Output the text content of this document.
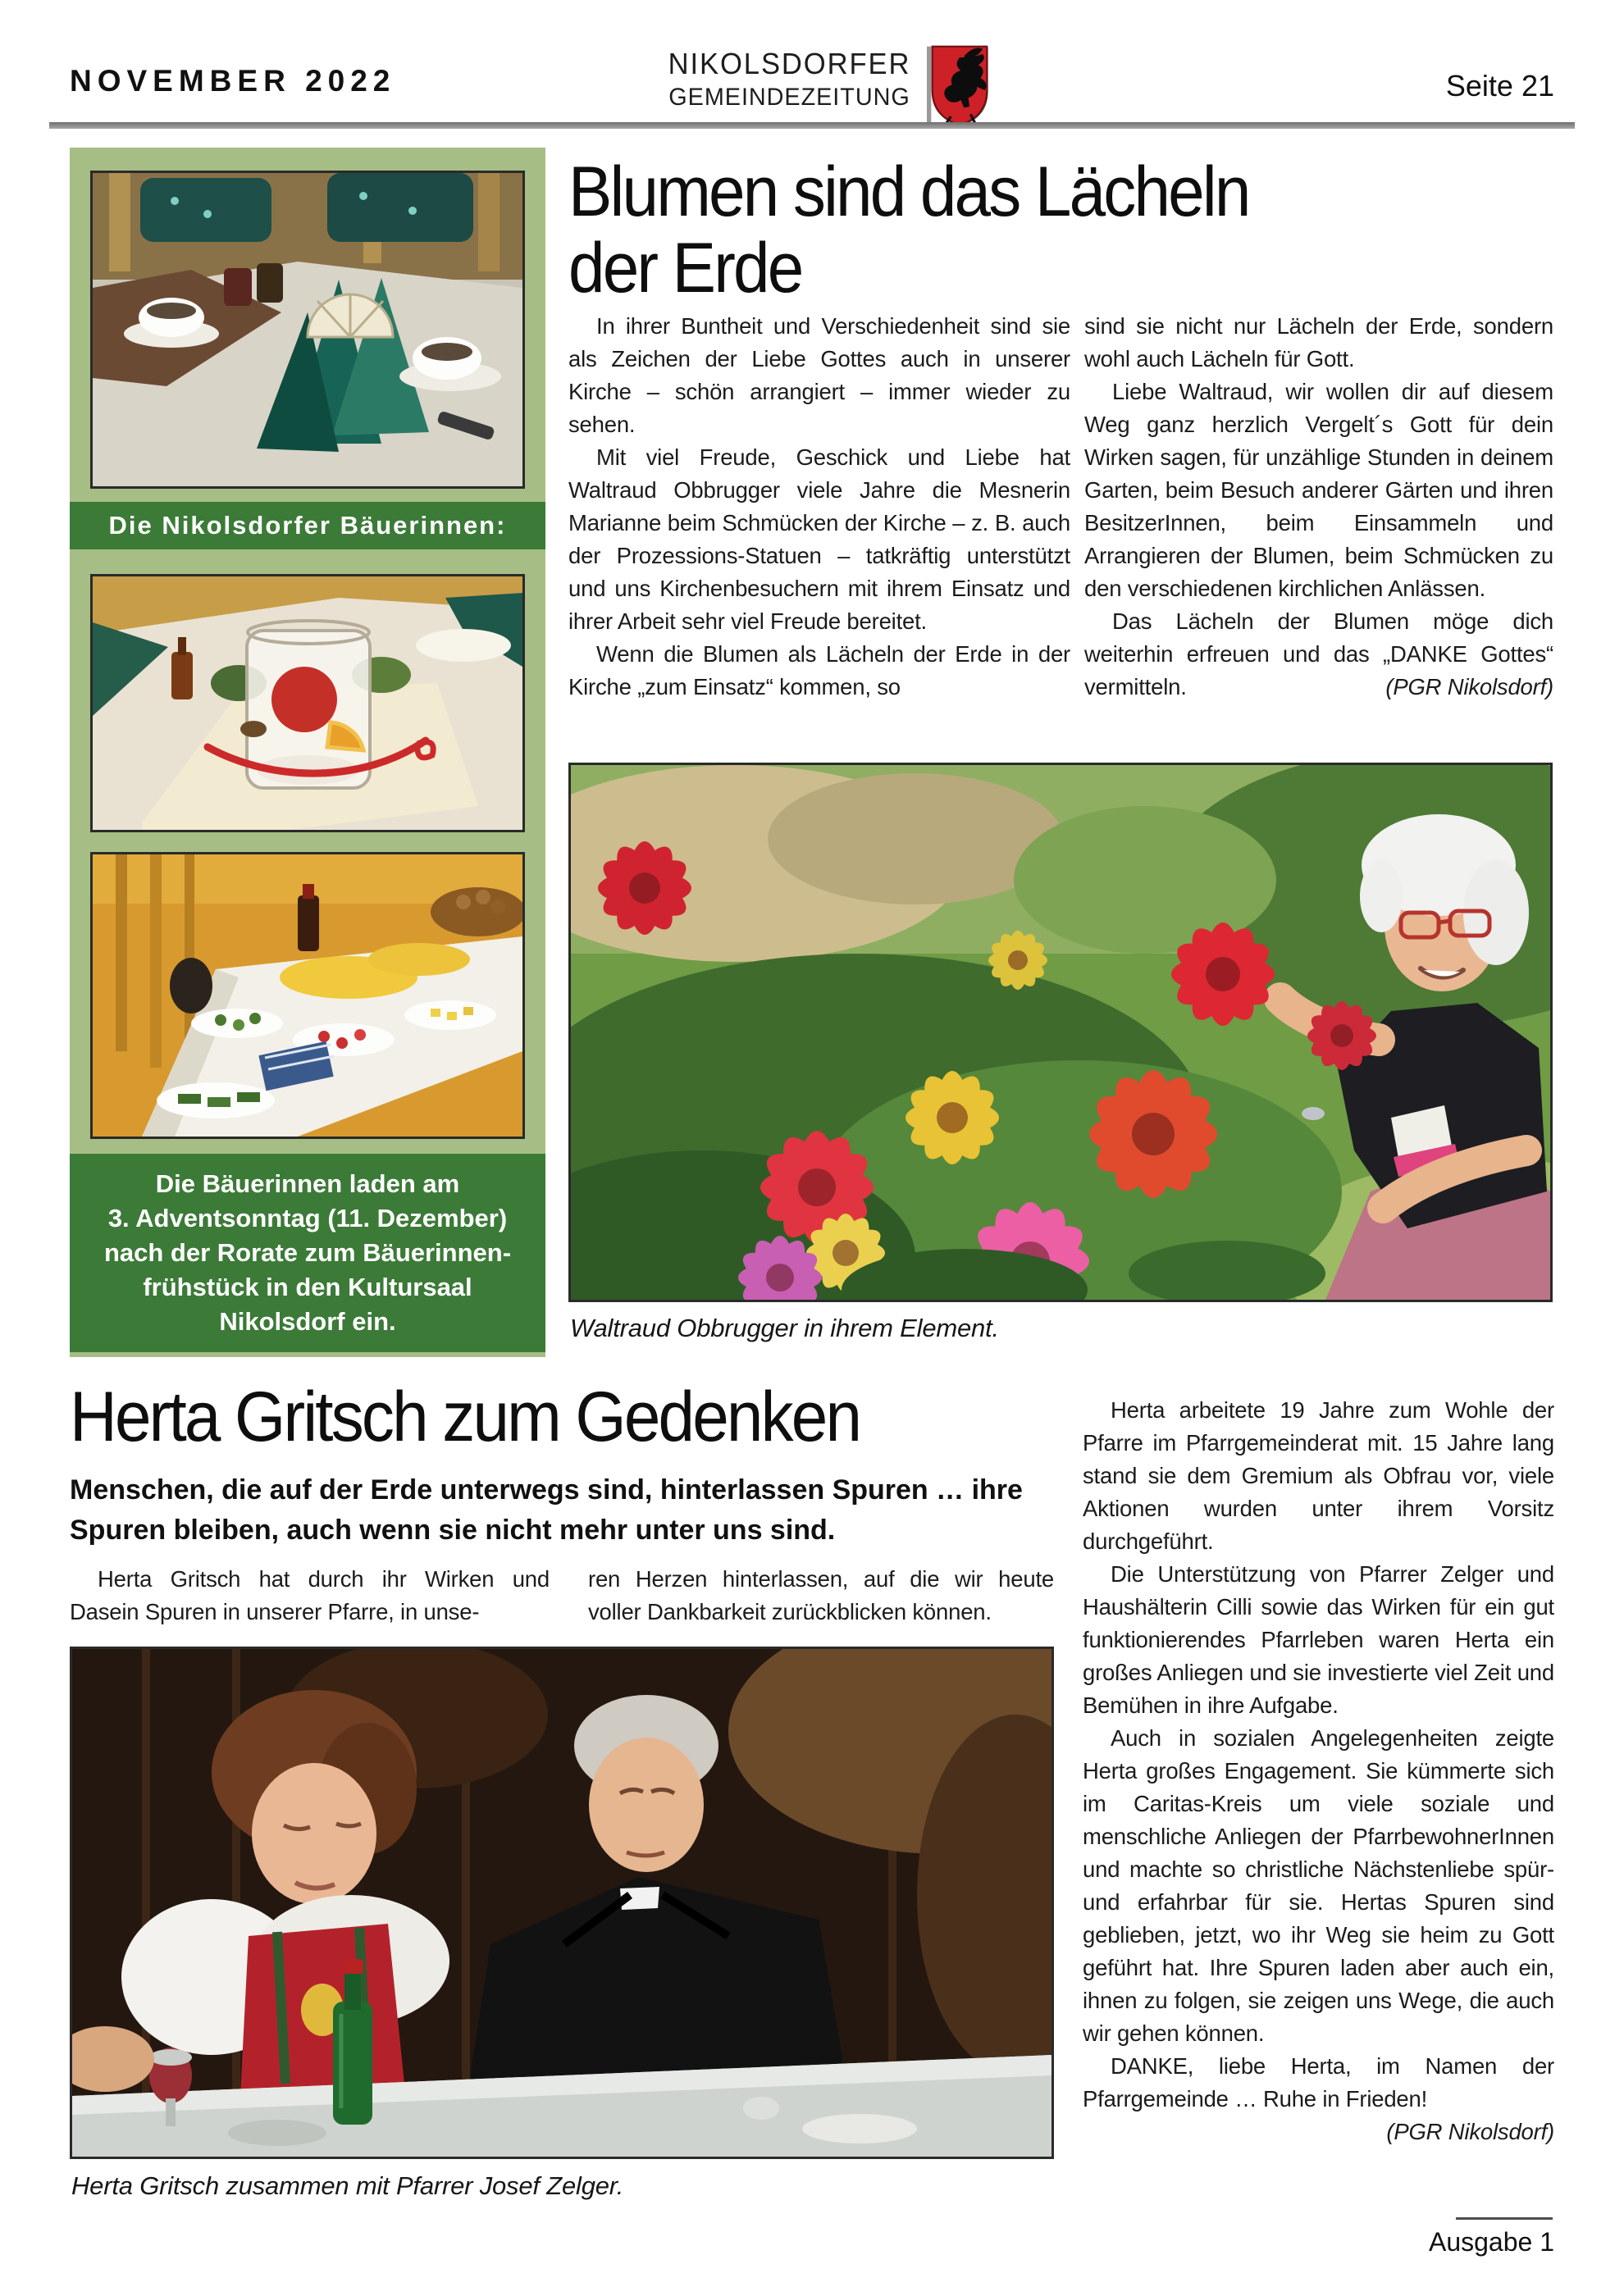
NOVEMBER 2022
NIKOLSDORFER
GEMEINDEZEITUNG	Seite 21
Die Nikolsdorfer Bäuerinnen:
Die Bäuerinnen laden am
3. Adventsonntag (11. Dezember)
nach der Rorate zum Bäuerinnen-
frühstück in den Kultursaal
Nikolsdorf ein.
Blumen sind das Lächeln
der Erde

In ihrer Buntheit und Verschiedenheit sind sie als Zeichen der Liebe Gottes auch in unserer Kirche – schön arrangiert – immer wieder zu sehen.

Mit viel Freude, Geschick und Liebe hat Waltraud Obbrugger viele Jahre die Mesnerin Marianne beim Schmücken der Kirche – z. B. auch der Prozessions-Statuen – tatkräftig unterstützt und uns Kirchenbesuchern mit ihrem Einsatz und ihrer Arbeit sehr viel Freude bereitet.

Wenn die Blumen als Lächeln der Erde in der Kirche „zum Einsatz“ kommen, so

sind sie nicht nur Lächeln der Erde, sondern wohl auch Lächeln für Gott.

Liebe Waltraud, wir wollen dir auf diesem Weg ganz herzlich Vergelt´s Gott für dein Wirken sagen, für unzählige Stunden in deinem Garten, beim Besuch anderer Gärten und ihren BesitzerInnen, beim Einsammeln und Arrangieren der Blumen, beim Schmücken zu den verschiedenen kirchlichen Anlässen.

Das Lächeln der Blumen möge dich weiterhin erfreuen und das „DANKE Gottes“ vermitteln.	(PGR Nikolsdorf)

Waltraud Obbrugger in ihrem Element.
Herta Gritsch zum Gedenken
Menschen, die auf der Erde unterwegs sind, hinterlassen Spuren … ihre Spuren bleiben, auch wenn sie nicht mehr unter uns sind.

Herta Gritsch hat durch ihr Wirken und Dasein Spuren in unserer Pfarre, in unse-

ren Herzen hinterlassen, auf die wir heute voller Dankbarkeit zurückblicken können.

Herta Gritsch zusammen mit Pfarrer Josef Zelger.

Herta arbeitete 19 Jahre zum Wohle der Pfarre im Pfarrgemeinderat mit. 15 Jahre lang stand sie dem Gremium als Obfrau vor, viele Aktionen wurden unter ihrem Vorsitz durchgeführt.

Die Unterstützung von Pfarrer Zelger und Haushälterin Cilli sowie das Wirken für ein gut funktionierendes Pfarrleben waren Herta ein großes Anliegen und sie investierte viel Zeit und Bemühen in ihre Aufgabe.

Auch in sozialen Angelegenheiten zeigte Herta großes Engagement. Sie kümmerte sich im Caritas-Kreis um viele soziale und menschliche Anliegen der PfarrbewohnerInnen und machte so christliche Nächstenliebe spür- und erfahrbar für sie. Hertas Spuren sind geblieben, jetzt, wo ihr Weg sie heim zu Gott geführt hat. Ihre Spuren laden aber auch ein, ihnen zu folgen, sie zeigen uns Wege, die auch wir gehen können.

DANKE, liebe Herta, im Namen der Pfarrgemeinde … Ruhe in Frieden!

(PGR Nikolsdorf)

Ausgabe 1
